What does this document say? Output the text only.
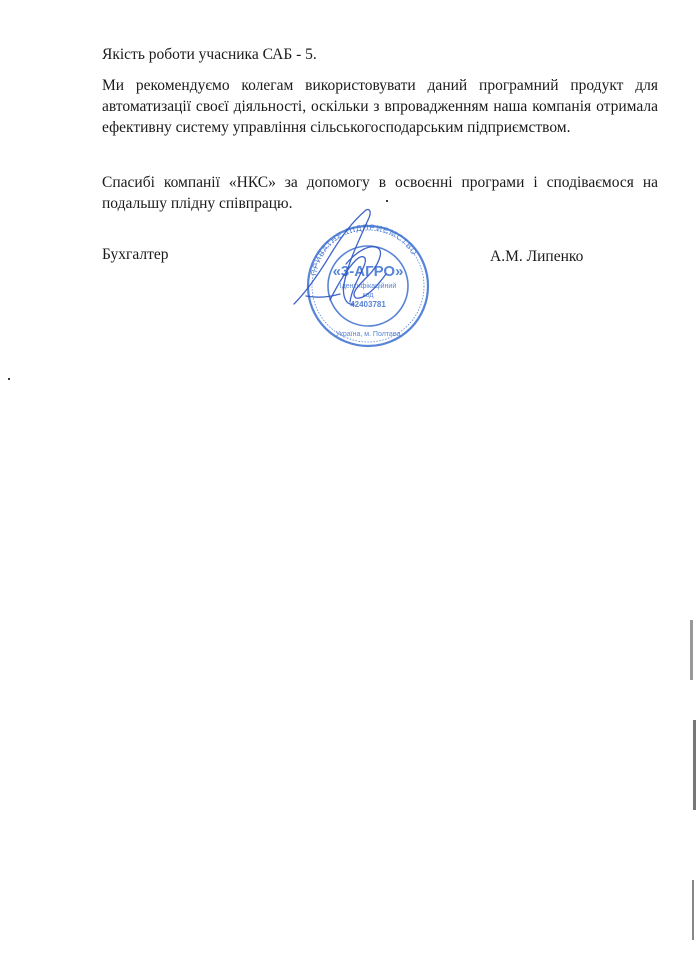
Якість роботи учасника САБ - 5.

Ми рекомендуємо колегам використовувати даний програмний продукт для автоматизації своєї діяльності, оскільки з впровадженням наша компанія отримала ефективну систему управління сільськогосподарським підприємством.

Спасибі компанії «НКС» за допомогу в освоєнні програми і сподіваємося на подальшу плідну співпрацю.

Бухгалтер	А.М. Липенко

ПРИВАТНЕ ПІДПРИЄМСТВО
«3-АГРО»
Ідентифікаційний
код
42403781
Україна, м. Полтава
